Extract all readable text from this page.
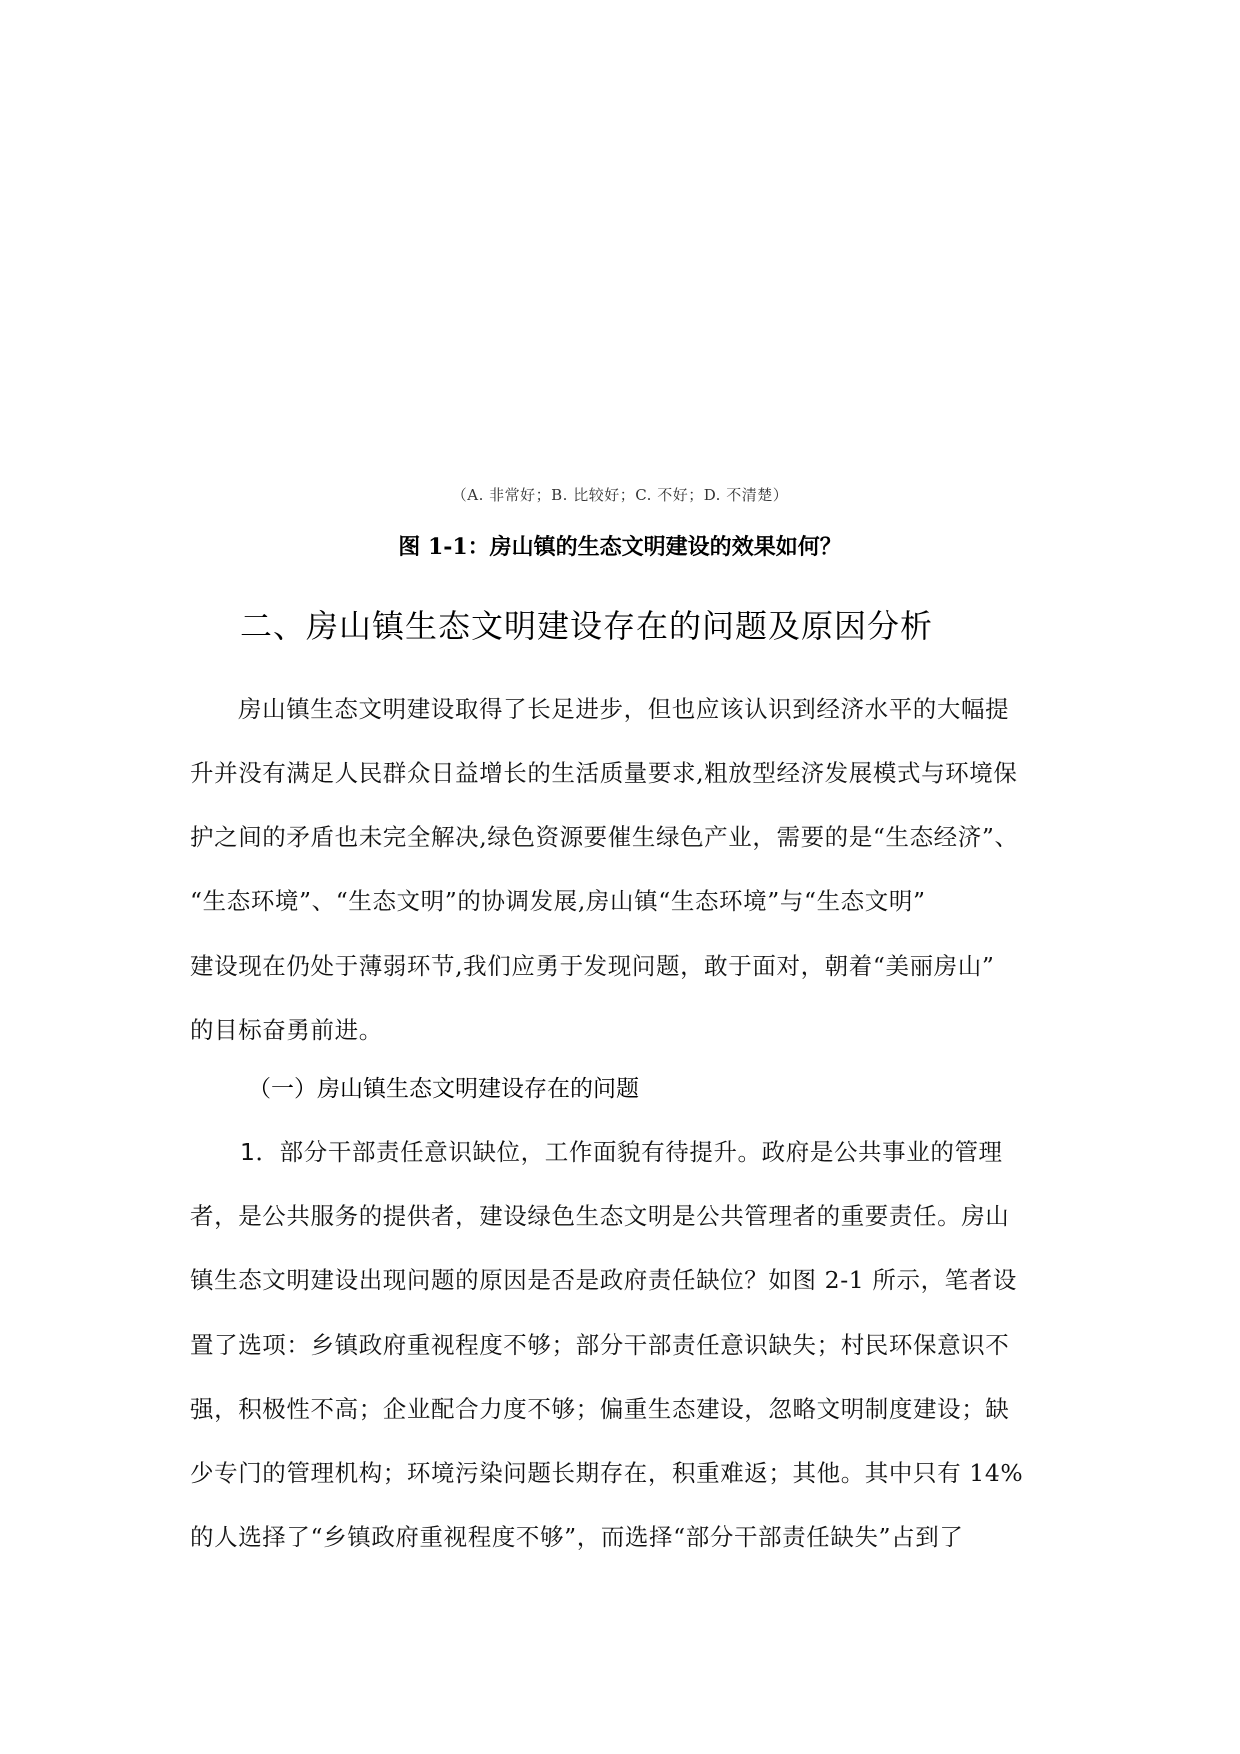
（A. 非常好；B. 比较好；C. 不好；D. 不清楚）
图 1-1：房山镇的生态文明建设的效果如何？
二、房山镇生态文明建设存在的问题及原因分析
房山镇生态文明建设取得了长足进步，但也应该认识到经济水平的大幅提
升并没有满足人民群众日益增长的生活质量要求,粗放型经济发展模式与环境保
护之间的矛盾也未完全解决,绿色资源要催生绿色产业，需要的是“生态经济”、
“生态环境”、“生态文明”的协调发展,房山镇“生态环境”与“生态文明”
建设现在仍处于薄弱环节,我们应勇于发现问题，敢于面对，朝着“美丽房山”
的目标奋勇前进。
（一）房山镇生态文明建设存在的问题
1．部分干部责任意识缺位，工作面貌有待提升。政府是公共事业的管理
者，是公共服务的提供者，建设绿色生态文明是公共管理者的重要责任。房山
镇生态文明建设出现问题的原因是否是政府责任缺位？如图 2-1 所示，笔者设
置了选项：乡镇政府重视程度不够；部分干部责任意识缺失；村民环保意识不
强，积极性不高；企业配合力度不够；偏重生态建设，忽略文明制度建设；缺
少专门的管理机构；环境污染问题长期存在，积重难返；其他。其中只有 14%
的人选择了“乡镇政府重视程度不够”，而选择“部分干部责任缺失”占到了
